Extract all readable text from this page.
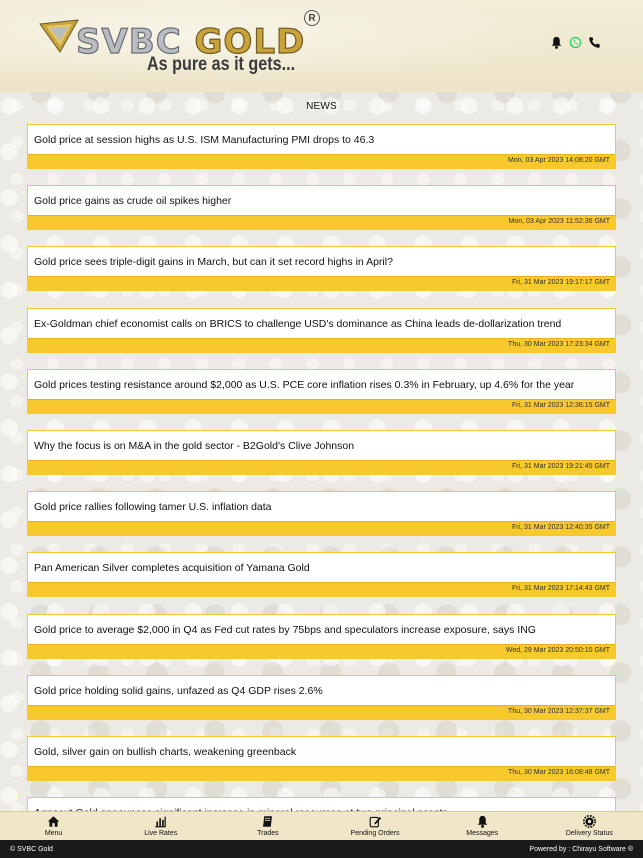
SVBC GOLD
R
As pure as it gets...
NEWS
Gold price at session highs as U.S. ISM Manufacturing PMI drops to 46.3
Mon, 03 Apr 2023 14:08:20 GMT
Gold price gains as crude oil spikes higher
Mon, 03 Apr 2023 11:52:36 GMT
Gold price sees triple-digit gains in March, but can it set record highs in April?
Fri, 31 Mar 2023 19:17:17 GMT
Ex-Goldman chief economist calls on BRICS to challenge USD's dominance as China leads de-dollarization trend
Thu, 30 Mar 2023 17:23:34 GMT
Gold prices testing resistance around $2,000 as U.S. PCE core inflation rises 0.3% in February, up 4.6% for the year
Fri, 31 Mar 2023 12:36:15 GMT
Why the focus is on M&A in the gold sector - B2Gold's Clive Johnson
Fri, 31 Mar 2023 19:21:45 GMT
Gold price rallies following tamer U.S. inflation data
Fri, 31 Mar 2023 12:40:35 GMT
Pan American Silver completes acquisition of Yamana Gold
Fri, 31 Mar 2023 17:14:43 GMT
Gold price to average $2,000 in Q4 as Fed cut rates by 75bps and speculators increase exposure, says ING
Wed, 29 Mar 2023 20:50:10 GMT
Gold price holding solid gains, unfazed as Q4 GDP rises 2.6%
Thu, 30 Mar 2023 12:37:37 GMT
Gold, silver gain on bullish charts, weakening greenback
Thu, 30 Mar 2023 16:08:48 GMT
Menu	Live Rates	Trades	Pending Orders	Messages	Delivery Status
© SVBC Gold	Powered by : Chirayu Software ®
